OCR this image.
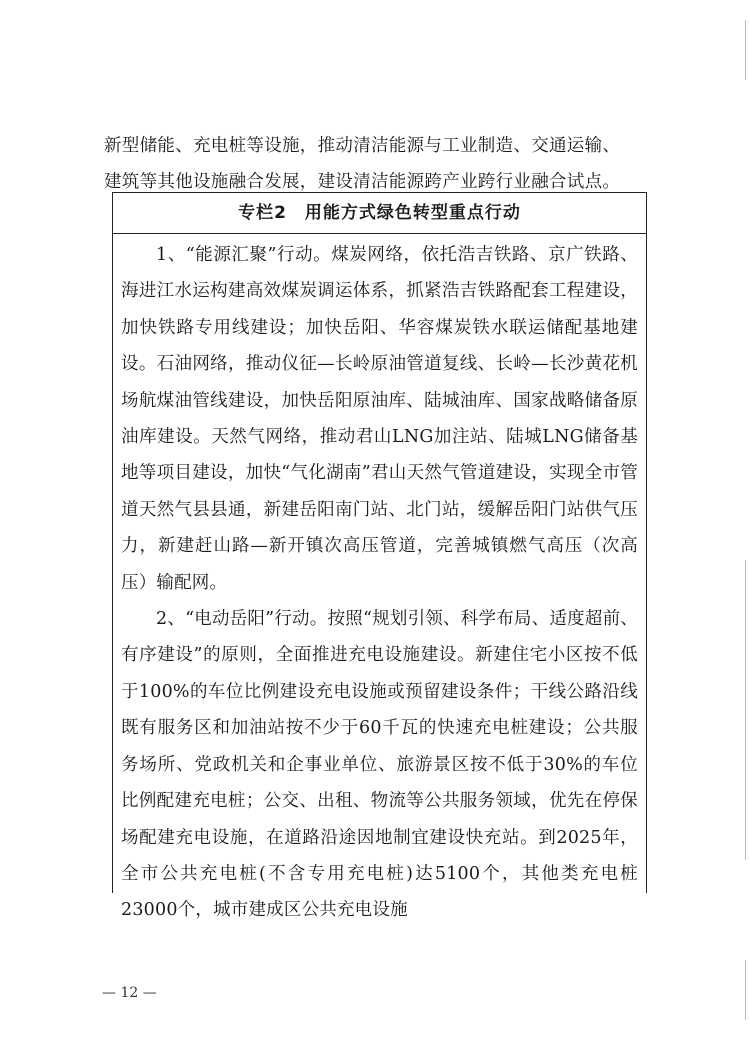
新型储能、充电桩等设施，推动清洁能源与工业制造、交通运输、

建筑等其他设施融合发展，建设清洁能源跨产业跨行业融合试点。

专栏2　用能方式绿色转型重点行动

1、“能源汇聚”行动。煤炭网络，依托浩吉铁路、京广铁路、海进江水运构建高效煤炭调运体系，抓紧浩吉铁路配套工程建设，加快铁路专用线建设；加快岳阳、华容煤炭铁水联运储配基地建设。石油网络，推动仪征—长岭原油管道复线、长岭—长沙黄花机场航煤油管线建设，加快岳阳原油库、陆城油库、国家战略储备原油库建设。天然气网络，推动君山LNG加注站、陆城LNG储备基地等项目建设，加快“气化湖南”君山天然气管道建设，实现全市管道天然气县县通，新建岳阳南门站、北门站，缓解岳阳门站供气压力，新建赶山路—新开镇次高压管道，完善城镇燃气高压（次高压）输配网。

2、“电动岳阳”行动。按照“规划引领、科学布局、适度超前、有序建设”的原则，全面推进充电设施建设。新建住宅小区按不低于100%的车位比例建设充电设施或预留建设条件；干线公路沿线既有服务区和加油站按不少于60千瓦的快速充电桩建设；公共服务场所、党政机关和企事业单位、旅游景区按不低于30%的车位比例配建充电桩；公交、出租、物流等公共服务领域，优先在停保场配建充电设施，在道路沿途因地制宜建设快充站。到2025年，全市公共充电桩(不含专用充电桩)达5100个，其他类充电桩23000个，城市建成区公共充电设施

— 12 —
